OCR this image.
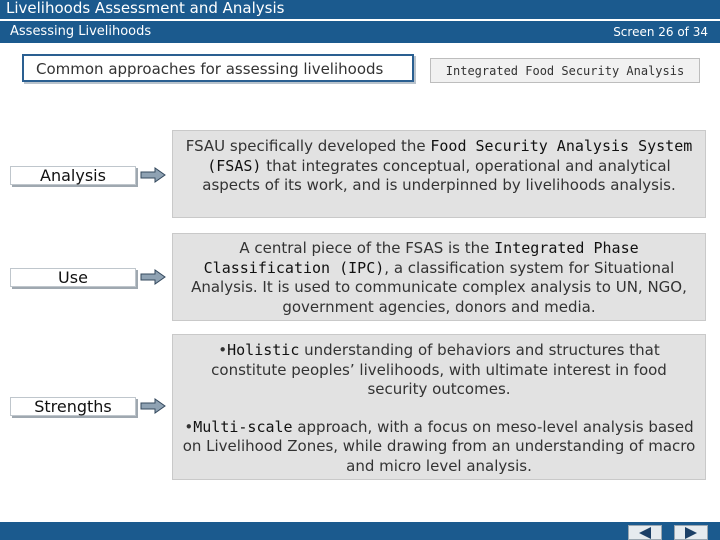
Livelihoods Assessment and Analysis
Assessing Livelihoods	Screen 26 of 34
Common approaches for assessing livelihoods	Integrated Food Security Analysis
Analysis

FSAU specifically developed the Food Security Analysis System (FSAS) that integrates conceptual, operational and analytical aspects of its work, and is underpinned by livelihoods analysis.

Use

A central piece of the FSAS is the Integrated Phase Classification (IPC), a classification system for Situational Analysis. It is used to communicate complex analysis to UN, NGO, government agencies, donors and media.

Strengths

•Holistic understanding of behaviors and structures that constitute peoples’ livelihoods, with ultimate interest in food security outcomes.

•Multi-scale approach, with a focus on meso-level analysis based on Livelihood Zones, while drawing from an understanding of macro and micro level analysis.
